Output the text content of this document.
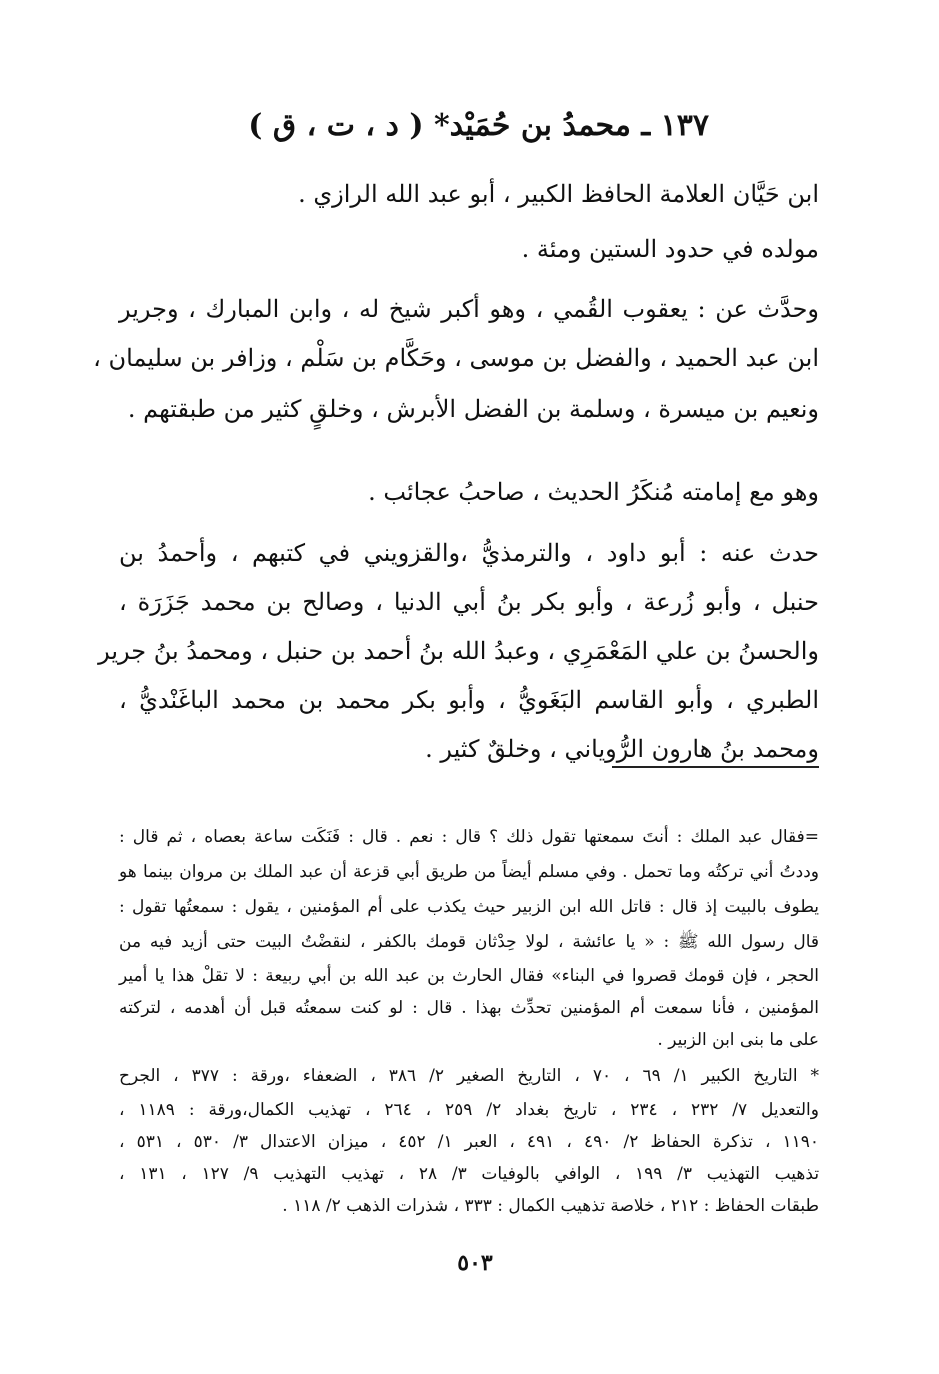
١٣٧ ـ محمدُ بن حُمَيْد* ( د ، ت ، ق )
ابن حَيَّان العلامة الحافظ الكبير ، أبو عبد الله الرازي .
مولده في حدود الستين ومئة .
وحدَّث عن : يعقوب القُمي ، وهو أكبر شيخ له ، وابن المبارك ، وجرير
ابن عبد الحميد ، والفضل بن موسى ، وحَكَّام بن سَلْم ، وزافر بن سليمان ،
ونعيم بن ميسرة ، وسلمة بن الفضل الأبرش ، وخلقٍ كثير من طبقتهم .
وهو مع إمامته مُنكَرُ الحديث ، صاحبُ عجائب .
حدث عنه : أبو داود ، والترمذيُّ ،والقزويني في كتبهم ، وأحمدُ بن
حنبل ، وأبو زُرعة ، وأبو بكر بنُ أبي الدنيا ، وصالح بن محمد جَزَرَة ،
والحسنُ بن علي المَعْمَرِي ، وعبدُ الله بنُ أحمد بن حنبل ، ومحمدُ بنُ جرير
الطبري ، وأبو القاسم البَغَويُّ ، وأبو بكر محمد بن محمد الباغَنْديُّ ،
ومحمد بنُ هارون الرُّوياني ، وخلقٌ كثير .
=فقال عبد الملك : أنتَ سمعتها تقول ذلك ؟ قال : نعم . قال : فَنَكَت ساعة بعصاه ، ثم قال :
وددتُ أني تركتُه وما تحمل . وفي مسلم أيضاً من طريق أبي قزعة أن عبد الملك بن مروان بينما هو
يطوف بالبيت إذ قال : قاتل الله ابن الزبير حيث يكذب على أم المؤمنين ، يقول : سمعتُها تقول :
قال رسول الله ﷺ : « يا عائشة ، لولا حِدْثان قومك بالكفر ، لنقضْتُ البيت حتى أزيد فيه من
الحجر ، فإن قومك قصروا في البناء» فقال الحارث بن عبد الله بن أبي ربيعة : لا تقلْ هذا يا أمير
المؤمنين ، فأنا سمعت أم المؤمنين تحدِّث بهذا . قال : لو كنت سمعتُه قبل أن أهدمه ، لتركته
على ما بنى ابن الزبير .
* التاريخ الكبير ١/ ٦٩ ، ٧٠ ، التاريخ الصغير ٢/ ٣٨٦ ، الضعفاء ،ورقة : ٣٧٧ ، الجرح
والتعديل ٧/ ٢٣٢ ، ٢٣٤ ، تاريخ بغداد ٢/ ٢٥٩ ، ٢٦٤ ، تهذيب الكمال،ورقة : ١١٨٩ ،
١١٩٠ ، تذكرة الحفاظ ٢/ ٤٩٠ ، ٤٩١ ، العبر ١/ ٤٥٢ ، ميزان الاعتدال ٣/ ٥٣٠ ، ٥٣١ ،
تذهيب التهذيب ٣/ ١٩٩ ، الوافي بالوفيات ٣/ ٢٨ ، تهذيب التهذيب ٩/ ١٢٧ ، ١٣١ ،
طبقات الحفاظ : ٢١٢ ، خلاصة تذهيب الكمال : ٣٣٣ ، شذرات الذهب ٢/ ١١٨ .
٥٠٣
